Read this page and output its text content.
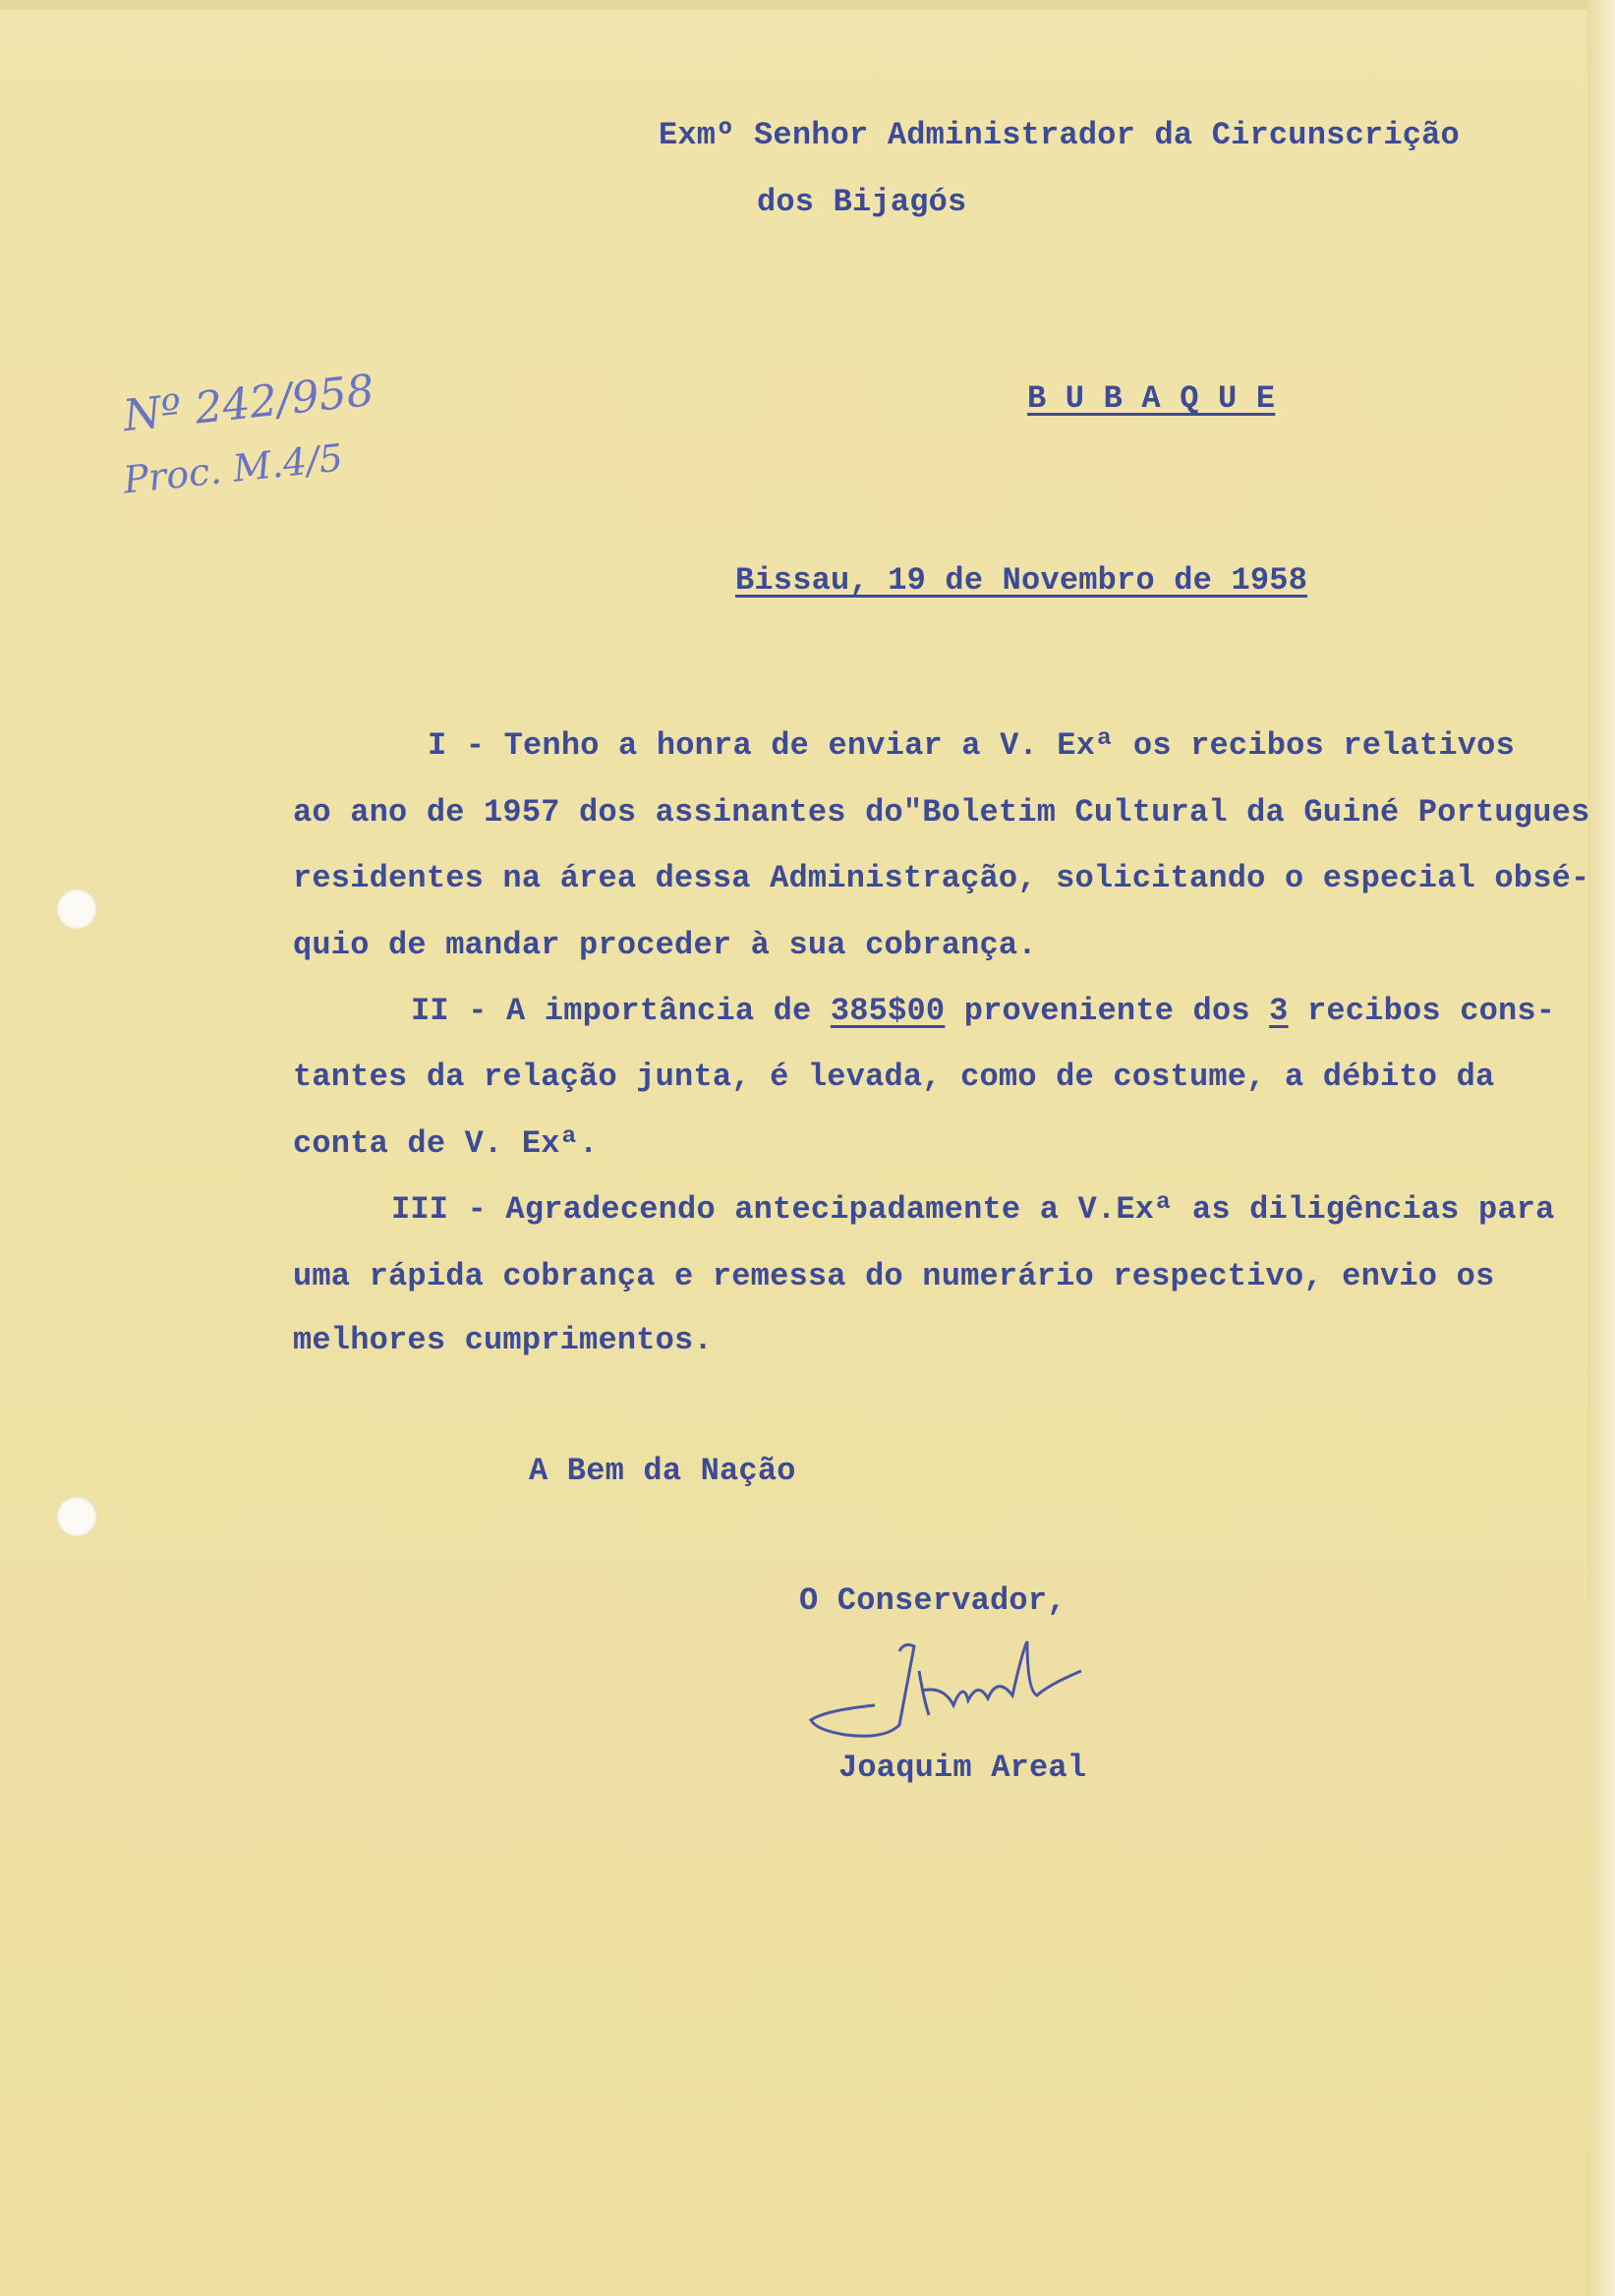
Exmº Senhor Administrador da Circunscrição
dos Bijagós
B U B A Q U E
Nº 242/958
Proc. M.4/5
Bissau, 19 de Novembro de 1958
I - Tenho a honra de enviar a V. Exª os recibos relativos
ao ano de 1957 dos assinantes do"Boletim Cultural da Guiné Portugues
residentes na área dessa Administração, solicitando o especial obsé-
quio de mandar proceder à sua cobrança.
II - A importância de 385$00 proveniente dos 3 recibos cons-
tantes da relação junta, é levada, como de costume, a débito da
conta de V. Exª.
III - Agradecendo antecipadamente a V.Exª as diligências para
uma rápida cobrança e remessa do numerário respectivo, envio os
melhores cumprimentos.
A Bem da Nação
O Conservador,
Joaquim Areal
